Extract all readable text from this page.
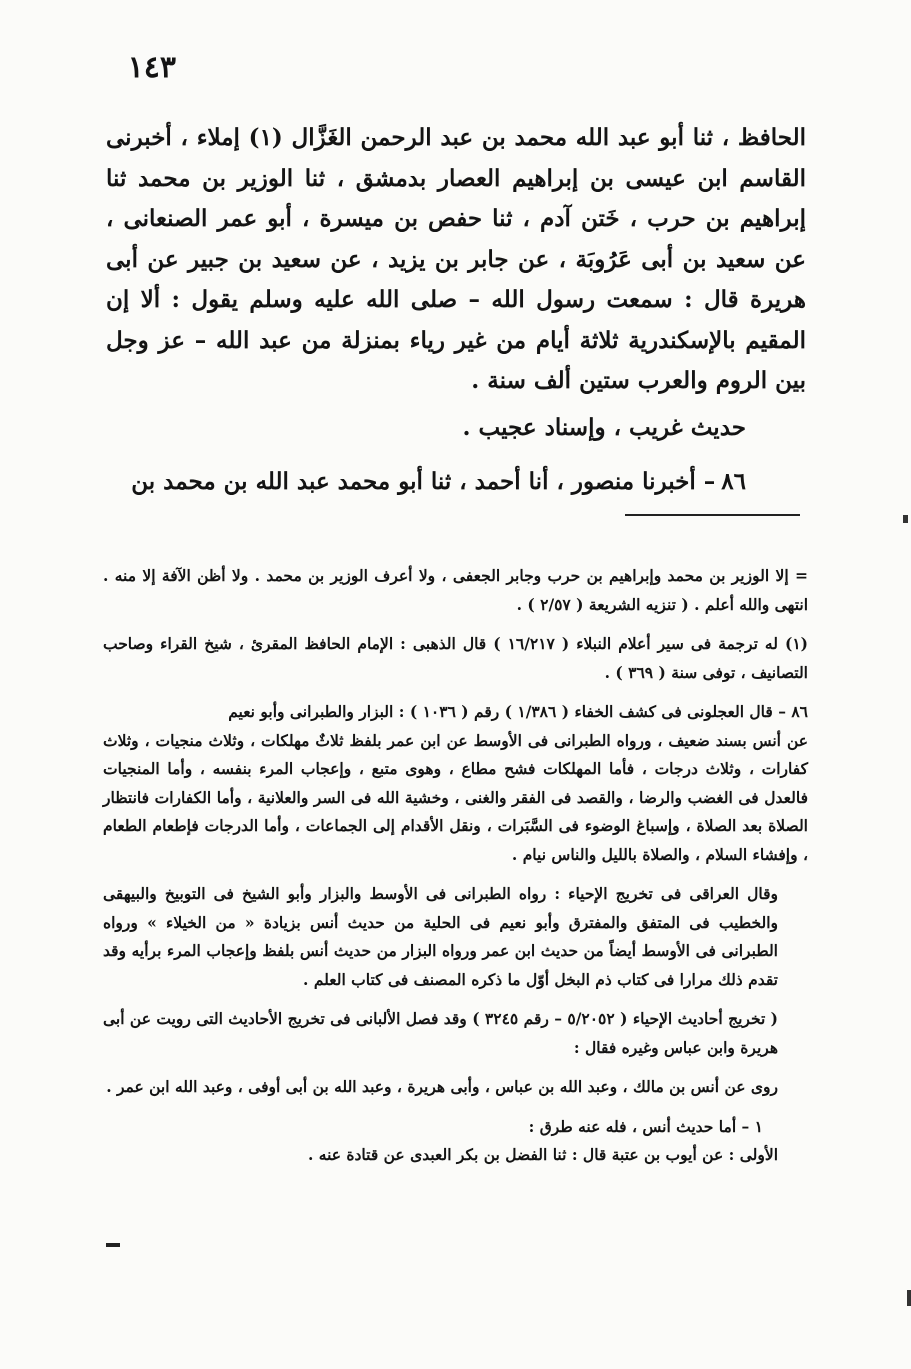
١٤٣

الحافظ ، ثنا أبو عبد الله محمد بن عبد الرحمن الغَزَّال (١) إملاء ، أخبرنى القاسم ابن عيسى بن إبراهيم العصار بدمشق ، ثنا الوزير بن محمد ثنا إبراهيم بن حرب ، خَتن آدم ، ثنا حفص بن ميسرة ، أبو عمر الصنعانى ، عن سعيد بن أبى عَرُوبَة ، عن جابر بن يزيد ، عن سعيد بن جبير عن أبى هريرة قال : سمعت رسول الله – صلى الله عليه وسلم يقول : ألا إن المقيم بالإسكندرية ثلاثة أيام من غير رياء بمنزلة من عبد الله – عز وجل بين الروم والعرب ستين ألف سنة .

حديث غريب ، وإسناد عجيب .

٨٦– أخبرنا منصور ، أنا أحمد ، ثنا أبو محمد عبد الله بن محمد بن

= إلا الوزير بن محمد وإبراهيم بن حرب وجابر الجعفى ، ولا أعرف الوزير بن محمد . ولا أظن الآفة إلا منه . انتهى والله أعلم . ( تنزيه الشريعة ( ٢/٥٧ ) .

(١) له ترجمة فى سير أعلام النبلاء ( ١٦/٢١٧ ) قال الذهبى : الإمام الحافظ المقرئ ، شيخ القراء وصاحب التصانيف ، توفى سنة ( ٣٦٩ ) .

٨٦ – قال العجلونى فى كشف الخفاء ( ١/٣٨٦ ) رقم ( ١٠٣٦ ) : البزار والطبرانى وأبو نعيم

عن أنس بسند ضعيف ، ورواه الطبرانى فى الأوسط عن ابن عمر بلفظ ثلاثٌ مهلكات ، وثلاث منجيات ، وثلاث كفارات ، وثلاث درجات ، فأما المهلكات فشح مطاع ، وهوى متبع ، وإعجاب المرء بنفسه ، وأما المنجيات فالعدل فى الغضب والرضا ، والقصد فى الفقر والغنى ، وخشية الله فى السر والعلانية ، وأما الكفارات فانتظار الصلاة بعد الصلاة ، وإسباغ الوضوء فى السَّبَرات ، ونقل الأقدام إلى الجماعات ، وأما الدرجات فإطعام الطعام ، وإفشاء السلام ، والصلاة بالليل والناس نيام .

وقال العراقى فى تخريج الإحياء : رواه الطبرانى فى الأوسط والبزار وأبو الشيخ فى التوبيخ والبيهقى والخطيب فى المتفق والمفترق وأبو نعيم فى الحلية من حديث أنس بزيادة « من الخيلاء » ورواه الطبرانى فى الأوسط أيضاً من حديث ابن عمر ورواه البزار من حديث أنس بلفظ وإعجاب المرء برأيه وقد تقدم ذلك مرارا فى كتاب ذم البخل أوّل ما ذكره المصنف فى كتاب العلم .

( تخريج أحاديث الإحياء ( ٥/٢٠٥٢ – رقم ٣٢٤٥ ) وقد فصل الألبانى فى تخريج الأحاديث التى رويت عن أبى هريرة وابن عباس وغيره فقال :

روى عن أنس بن مالك ، وعبد الله بن عباس ، وأبى هريرة ، وعبد الله بن أبى أوفى ، وعبد الله ابن عمر .

١ – أما حديث أنس ، فله عنه طرق :

الأولى : عن أيوب بن عتبة قال : ثنا الفضل بن بكر العبدى عن قتادة عنه .
